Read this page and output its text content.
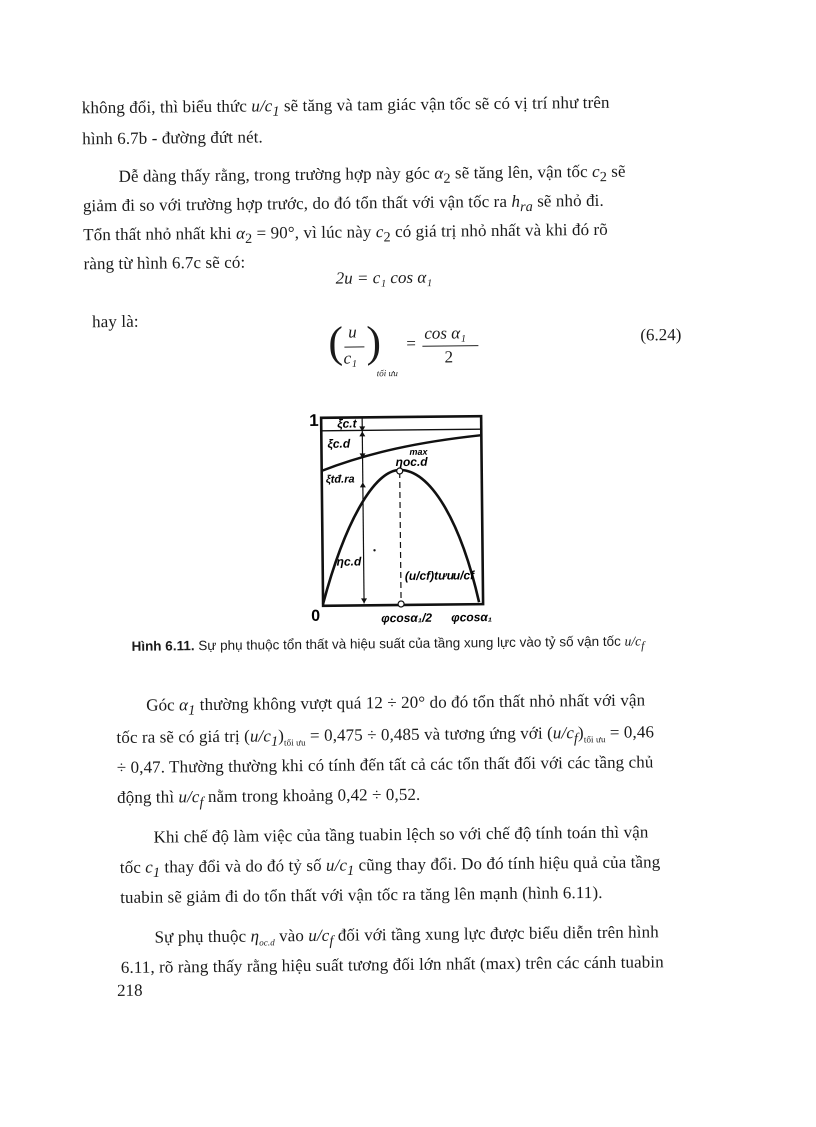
không đổi, thì biểu thức $u/c_1$ sẽ tăng và tam giác vận tốc sẽ có vị trí như trên

hình 6.7b - đường đứt nét.

Dễ dàng thấy rằng, trong trường hợp này góc $\alpha_2$ sẽ tăng lên, vận tốc $c_2$ sẽ

giảm đi so với trường hợp trước, do đó tổn thất với vận tốc ra $h_{ra}$ sẽ nhỏ đi.

Tổn thất nhỏ nhất khi $\alpha_2 = 90^\circ$, vì lúc này $c_2$ có giá trị nhỏ nhất và khi đó rõ

ràng từ hình 6.7c sẽ có:

2u = c₁ cos α₁

hay là:	( u
c₁ )
tối ưu
=
cos α₁
2
(6.24)
1
0
ξc.t
ξc.d
ξtđ.ra
max
ηoc.d
ηc.d
(u/cf)tưu
u/cf
φcosα₁/2 φcosα₁
Hình 6.11. Sự phụ thuộc tổn thất và hiệu suất của tầng xung lực vào tỷ số vận tốc $u/c_f$

Góc $\alpha_1$ thường không vượt quá 12 ÷ 20° do đó tổn thất nhỏ nhất với vận

tốc ra sẽ có giá trị $(u/c_1)_{tối ưu} = 0,475 \div 0,485$ và tương ứng với $(u/c_f)_{tối ưu} = 0,46$

÷ 0,47. Thường thường khi có tính đến tất cả các tổn thất đối với các tầng chủ

động thì $u/c_f$ nằm trong khoảng 0,42 ÷ 0,52.

Khi chế độ làm việc của tầng tuabin lệch so với chế độ tính toán thì vận

tốc $c_1$ thay đổi và do đó tỷ số $u/c_1$ cũng thay đổi. Do đó tính hiệu quả của tầng

tuabin sẽ giảm đi do tổn thất với vận tốc ra tăng lên mạnh (hình 6.11).

Sự phụ thuộc $\eta_{oc.d}$ vào $u/c_f$ đối với tầng xung lực được biểu diễn trên hình

6.11, rõ ràng thấy rằng hiệu suất tương đối lớn nhất (max) trên các cánh tuabin

218
